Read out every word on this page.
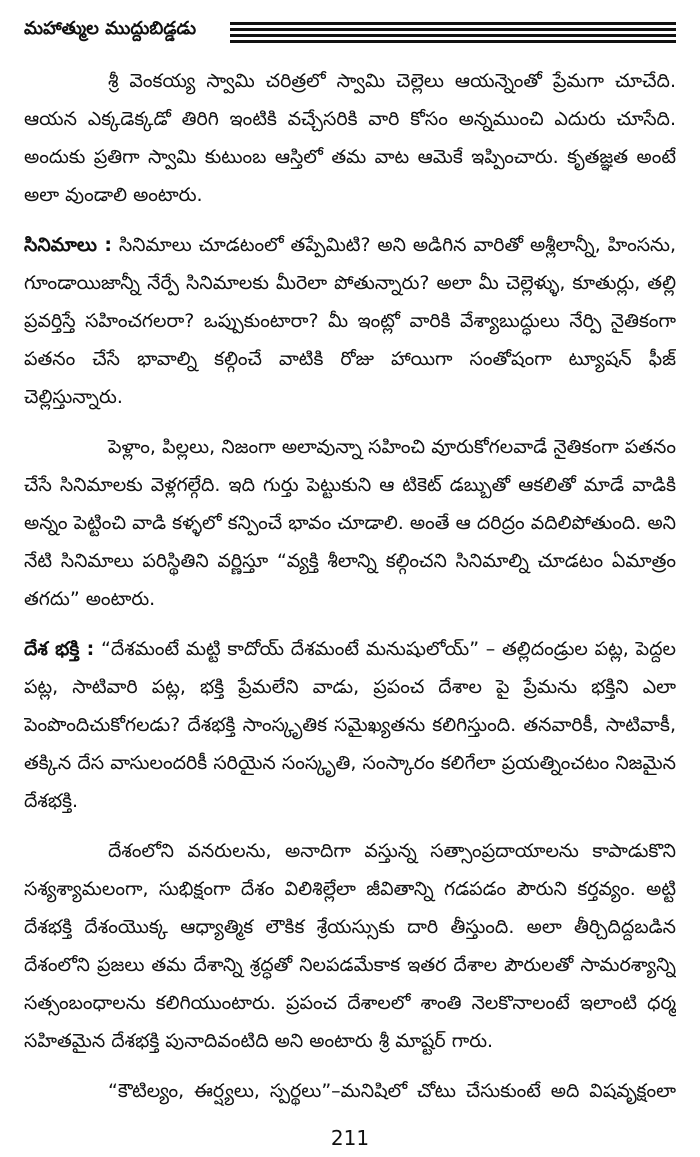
మహాత్ముల ముద్దుబిడ్డడు

శ్రీ వెంకయ్య స్వామి చరిత్రలో స్వామి చెల్లెలు ఆయన్నెంతో ప్రేమగా చూచేది. ఆయన ఎక్కడెక్కడో తిరిగి ఇంటికి వచ్చేసరికి వారి కోసం అన్నముంచి ఎదురు చూసేది. అందుకు ప్రతిగా స్వామి కుటుంబ ఆస్తిలో తమ వాట ఆమెకే ఇప్పించారు. కృతజ్ఞత అంటే అలా వుండాలి అంటారు.

సినిమాలు : సినిమాలు చూడటంలో తప్పేమిటి? అని అడిగిన వారితో అశ్లీలాన్నీ, హింసను, గూండాయిజాన్నీ నేర్పే సినిమాలకు మీరెలా పోతున్నారు? అలా మీ చెల్లెళ్ళు, కూతుర్లు, తల్లి ప్రవర్తిస్తే సహించగలరా? ఒప్పుకుంటారా? మీ ఇంట్లో వారికి వేశ్యాబుద్ధులు నేర్పి నైతికంగా పతనం చేసే భావాల్ని కల్గించే వాటికి రోజు హాయిగా సంతోషంగా ట్యూషన్ ఫీజ్ చెల్లిస్తున్నారు.

పెళ్లాం, పిల్లలు, నిజంగా అలావున్నా సహించి వూరుకోగలవాడే నైతికంగా పతనం చేసే సినిమాలకు వెళ్లగల్గేది. ఇది గుర్తు పెట్టుకుని ఆ టికెట్ డబ్బుతో ఆకలితో మాడే వాడికి అన్నం పెట్టించి వాడి కళ్ళలో కన్పించే భావం చూడాలి. అంతే ఆ దరిద్రం వదిలిపోతుంది. అని నేటి సినిమాలు పరిస్థితిని వర్ణిస్తూ “వ్యక్తి శీలాన్ని కల్గించని సినిమాల్ని చూడటం ఏమాత్రం తగదు” అంటారు.

దేశ భక్తి : “దేశమంటే మట్టి కాదోయ్ దేశమంటే మనుషులోయ్” – తల్లిదండ్రుల పట్ల, పెద్దల పట్ల, సాటివారి పట్ల, భక్తి ప్రేమలేని వాడు, ప్రపంచ దేశాల పై ప్రేమను భక్తిని ఎలా పెంపొందిచుకోగలడు? దేశభక్తి సాంస్కృతిక సమైఖ్యతను కలిగిస్తుంది. తనవారికీ, సాటివాకీ, తక్కిన దేస వాసులందరికీ సరియైన సంస్కృతి, సంస్కారం కలిగేలా ప్రయత్నించటం నిజమైన దేశభక్తి.

దేశంలోని వనరులను, అనాదిగా వస్తున్న సత్సాంప్రదాయాలను కాపాడుకొని సశ్యశ్యామలంగా, సుభిక్షంగా దేశం విలిశిల్లేలా జీవితాన్ని గడపడం పౌరుని కర్తవ్యం. అట్టి దేశభక్తి దేశంయొక్క ఆధ్యాత్మిక లౌకిక శ్రేయస్సుకు దారి తీస్తుంది. అలా తీర్చిదిద్దబడిన దేశంలోని ప్రజలు తమ దేశాన్ని శ్రద్ధతో నిలపడమేకాక ఇతర దేశాల పౌరులతో సామరశ్యాన్ని సత్సంబంధాలను కలిగియుంటారు. ప్రపంచ దేశాలలో శాంతి నెలకొనాలంటే ఇలాంటి ధర్మ సహితమైన దేశభక్తి పునాదివంటిది అని అంటారు శ్రీ మాష్టర్ గారు.

“కౌటిల్యం, ఈర్ష్యలు, స్పర్థలు”–మనిషిలో చోటు చేసుకుంటే అది విషవృక్షంలా

211
